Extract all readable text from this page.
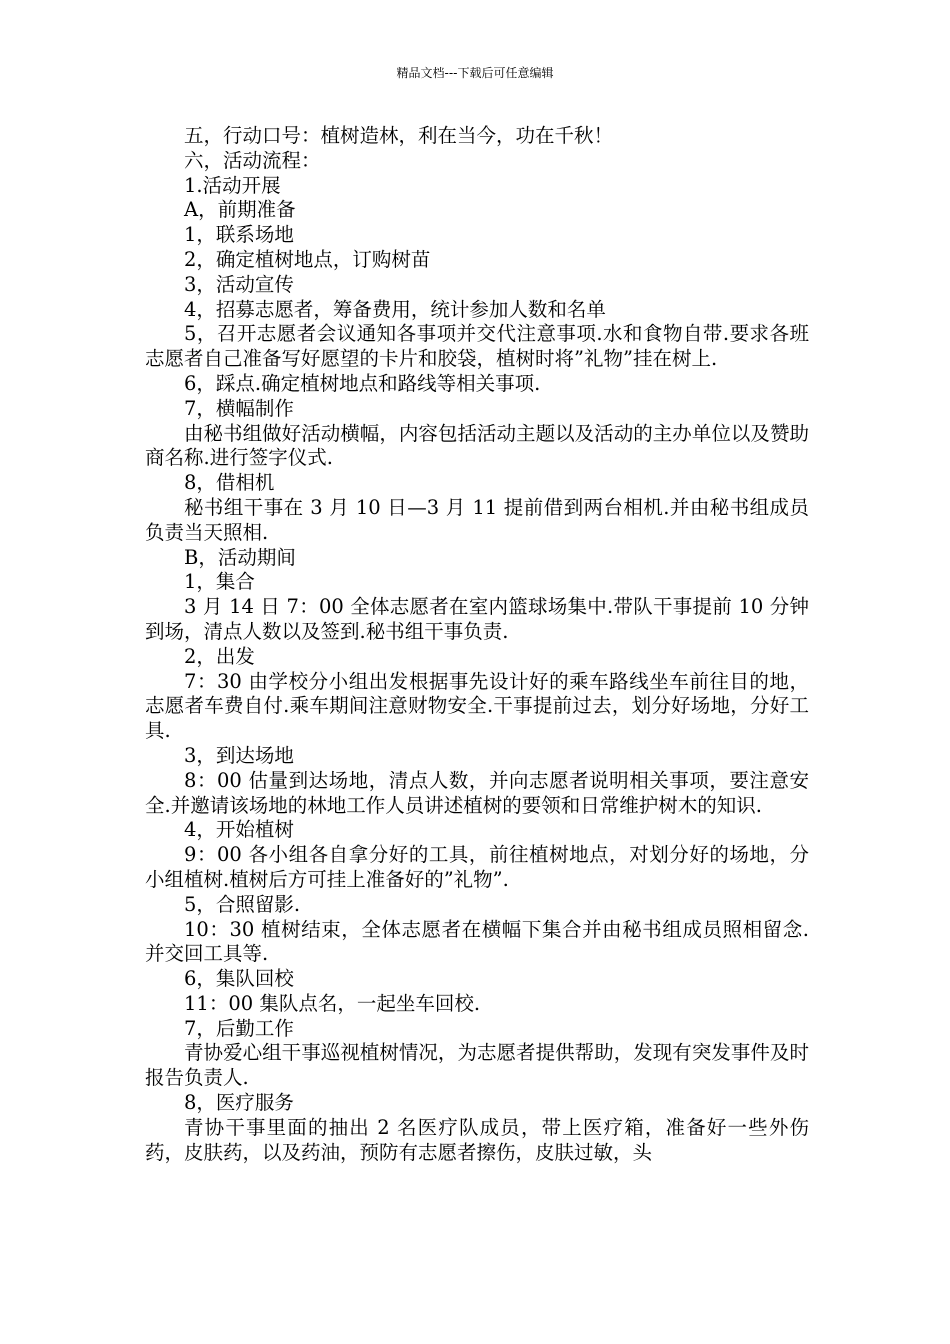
精品文档---下载后可任意编辑

五，行动口号：植树造林，利在当今，功在千秋！

六，活动流程：

1.活动开展

A，前期准备

1，联系场地

2，确定植树地点，订购树苗

3，活动宣传

4，招募志愿者，筹备费用，统计参加人数和名单

5，召开志愿者会议通知各事项并交代注意事项.水和食物自带.要求各班志愿者自己准备写好愿望的卡片和胶袋，植树时将”礼物”挂在树上.

6，踩点.确定植树地点和路线等相关事项.

7，横幅制作

由秘书组做好活动横幅，内容包括活动主题以及活动的主办单位以及赞助商名称.进行签字仪式.

8，借相机

秘书组干事在 3 月 10 日—3 月 11 提前借到两台相机.并由秘书组成员负责当天照相.

B，活动期间

1，集合

3 月 14 日 7：00 全体志愿者在室内篮球场集中.带队干事提前 10 分钟到场，清点人数以及签到.秘书组干事负责.

2，出发

7：30 由学校分小组出发根据事先设计好的乘车路线坐车前往目的地，志愿者车费自付.乘车期间注意财物安全.干事提前过去，划分好场地，分好工具.

3，到达场地

8：00 估量到达场地，清点人数，并向志愿者说明相关事项，要注意安全.并邀请该场地的林地工作人员讲述植树的要领和日常维护树木的知识.

4，开始植树

9：00 各小组各自拿分好的工具，前往植树地点，对划分好的场地，分小组植树.植树后方可挂上准备好的”礼物”.

5，合照留影.

10：30 植树结束，全体志愿者在横幅下集合并由秘书组成员照相留念.并交回工具等.

6，集队回校

11：00 集队点名，一起坐车回校.

7，后勤工作

青协爱心组干事巡视植树情况，为志愿者提供帮助，发现有突发事件及时报告负责人.

8，医疗服务

青协干事里面的抽出 2 名医疗队成员，带上医疗箱，准备好一些外伤药，皮肤药，以及药油，预防有志愿者擦伤，皮肤过敏，头
